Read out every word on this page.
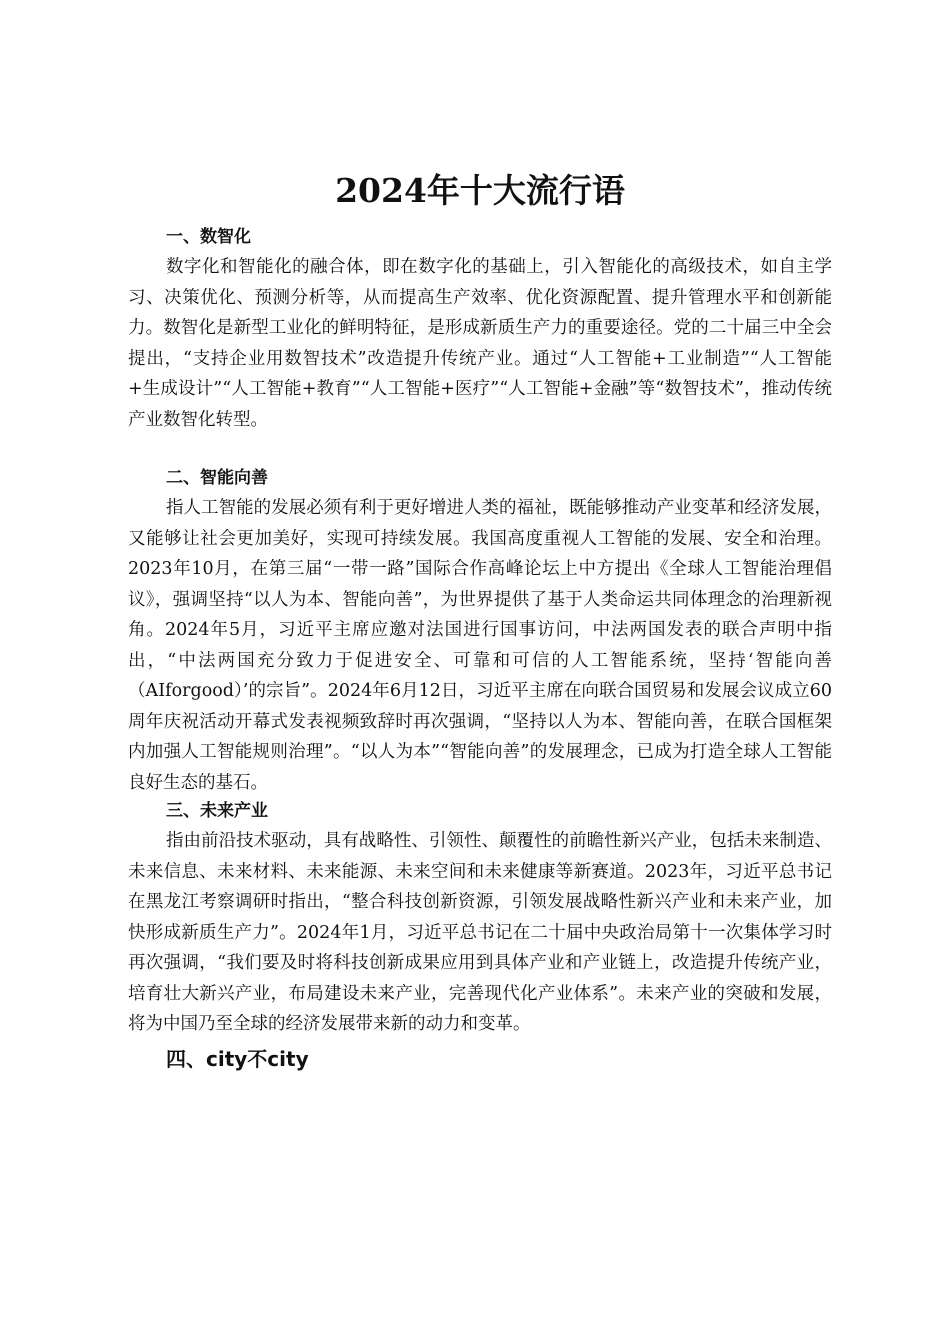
2024年十大流行语
一、数智化

数字化和智能化的融合体，即在数字化的基础上，引入智能化的高级技术，如自主学习、决策优化、预测分析等，从而提高生产效率、优化资源配置、提升管理水平和创新能力。数智化是新型工业化的鲜明特征，是形成新质生产力的重要途径。党的二十届三中全会提出，“支持企业用数智技术”改造提升传统产业。通过“人工智能+工业制造”“人工智能+生成设计”“人工智能+教育”“人工智能+医疗”“人工智能+金融”等“数智技术”，推动传统产业数智化转型。

二、智能向善

指人工智能的发展必须有利于更好增进人类的福祉，既能够推动产业变革和经济发展，又能够让社会更加美好，实现可持续发展。我国高度重视人工智能的发展、安全和治理。2023年10月，在第三届“一带一路”国际合作高峰论坛上中方提出《全球人工智能治理倡议》，强调坚持“以人为本、智能向善”，为世界提供了基于人类命运共同体理念的治理新视角。2024年5月，习近平主席应邀对法国进行国事访问，中法两国发表的联合声明中指出，“中法两国充分致力于促进安全、可靠和可信的人工智能系统，坚持‘智能向善（AIforgood）’的宗旨”。2024年6月12日，习近平主席在向联合国贸易和发展会议成立60周年庆祝活动开幕式发表视频致辞时再次强调，“坚持以人为本、智能向善，在联合国框架内加强人工智能规则治理”。“以人为本”“智能向善”的发展理念，已成为打造全球人工智能良好生态的基石。

三、未来产业

指由前沿技术驱动，具有战略性、引领性、颠覆性的前瞻性新兴产业，包括未来制造、未来信息、未来材料、未来能源、未来空间和未来健康等新赛道。2023年，习近平总书记在黑龙江考察调研时指出，“整合科技创新资源，引领发展战略性新兴产业和未来产业，加快形成新质生产力”。2024年1月，习近平总书记在二十届中央政治局第十一次集体学习时再次强调，“我们要及时将科技创新成果应用到具体产业和产业链上，改造提升传统产业，培育壮大新兴产业，布局建设未来产业，完善现代化产业体系”。未来产业的突破和发展，将为中国乃至全球的经济发展带来新的动力和变革。

四、city不city
